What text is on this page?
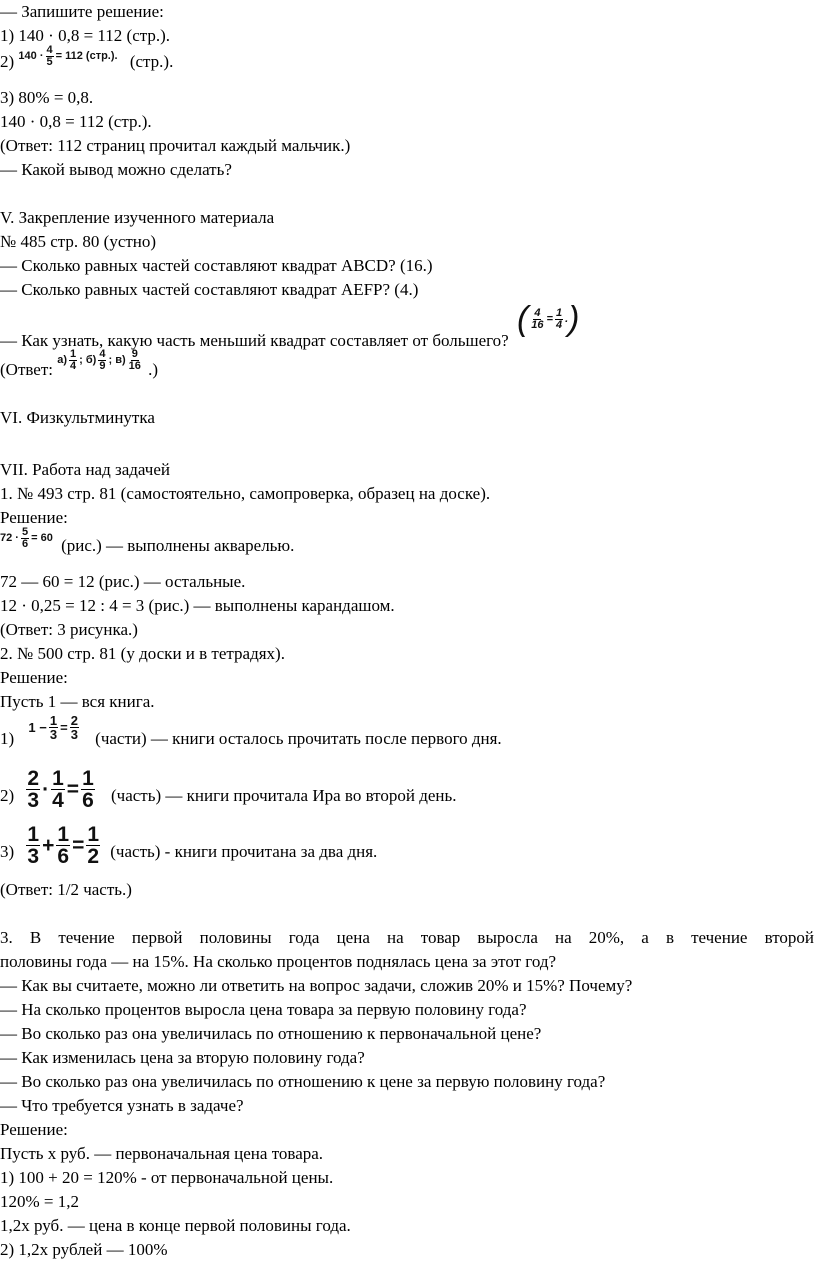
— Запишите решение:
1) 140 · 0,8 = 112 (стр.).
2) $140 \cdot \frac{4}{5} = 112$
(стр.). (стр.).
3) 80% = 0,8.
140 · 0,8 = 112 (стр.).
(Ответ: 112 страниц прочитал каждый мальчик.)
— Какой вывод можно сделать?
V. Закрепление изученного материала
№ 485 стр. 80 (устно)
— Сколько равных частей составляют квадрат ABCD? (16.)
— Сколько равных частей составляют квадрат AEFP? (4.)
— Как узнать, какую часть меньший квадрат составляет от большего?
( $\frac{4}{16} = \frac{1}{4}$ . )
(Ответ: $а) \frac{1}{4}$ ; $б) \frac{4}{9}$ ; $в) \frac{9}{16}$ .)
VI. Физкультминутка
VII. Работа над задачей
1. № 493 стр. 81 (самостоятельно, самопроверка, образец на доске).
Решение:
$72 \cdot \frac{5}{6} = 60$ (рис.) — выполнены акварелью.
72 — 60 = 12 (рис.) — остальные.
12 · 0,25 = 12 : 4 = 3 (рис.) — выполнены карандашом.
(Ответ: 3 рисунка.)
2. № 500 стр. 81 (у доски и в тетрадях).
Решение:
Пусть 1 — вся книга.
1)
$1 - \frac{1}{3} = \frac{2}{3}$ (части) — книги осталось прочитать после первого дня.
$2) \frac{2}{3} \cdot \frac{1}{4} = \frac{1}{6}$ (часть) — книги прочитала Ира во второй день.
$3) \frac{1}{3} + \frac{1}{6} = \frac{1}{2}$ (часть) - книги прочитана за два дня.
(Ответ: 1/2 часть.)
3. В течение первой половины года цена на товар выросла на 20%, а в течение второй
половины года — на 15%. На сколько процентов поднялась цена за этот год?
— Как вы считаете, можно ли ответить на вопрос задачи, сложив 20% и 15%? Почему?
— На сколько процентов выросла цена товара за первую половину года?
— Во сколько раз она увеличилась по отношению к первоначальной цене?
— Как изменилась цена за вторую половину года?
— Во сколько раз она увеличилась по отношению к цене за первую половину года?
— Что требуется узнать в задаче?
Решение:
Пусть х руб. — первоначальная цена товара.
1) 100 + 20 = 120% - от первоначальной цены.
120% = 1,2
1,2х руб. — цена в конце первой половины года.
2) 1,2х рублей — 100%
